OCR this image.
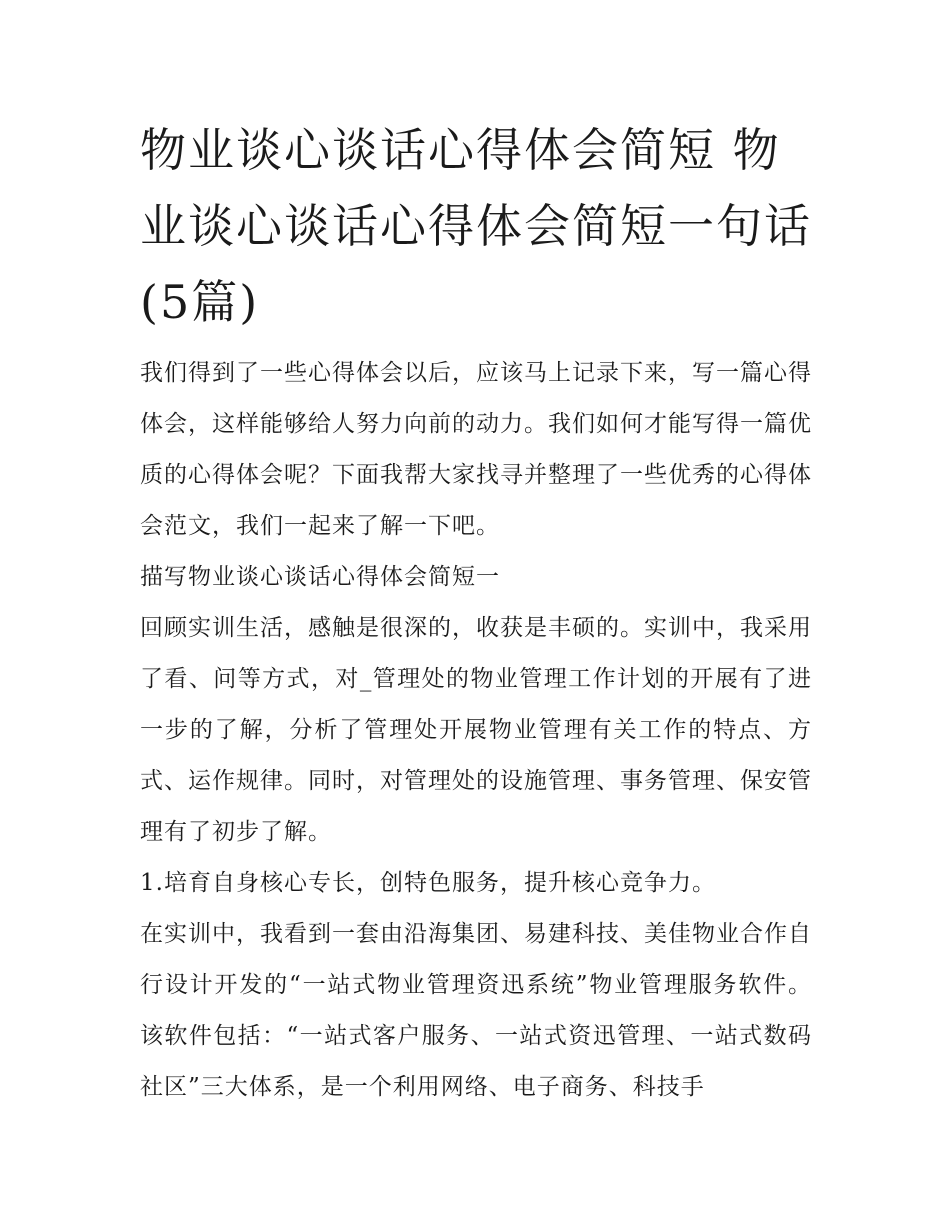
物业谈心谈话心得体会简短 物业谈心谈话心得体会简短一句话(5篇)

我们得到了一些心得体会以后，应该马上记录下来，写一篇心得体会，这样能够给人努力向前的动力。我们如何才能写得一篇优质的心得体会呢？下面我帮大家找寻并整理了一些优秀的心得体会范文，我们一起来了解一下吧。

描写物业谈心谈话心得体会简短一

回顾实训生活，感触是很深的，收获是丰硕的。实训中，我采用了看、问等方式，对_管理处的物业管理工作计划的开展有了进一步的了解，分析了管理处开展物业管理有关工作的特点、方式、运作规律。同时，对管理处的设施管理、事务管理、保安管理有了初步了解。

1.培育自身核心专长，创特色服务，提升核心竞争力。

在实训中，我看到一套由沿海集团、易建科技、美佳物业合作自行设计开发的“一站式物业管理资迅系统”物业管理服务软件。该软件包括：“一站式客户服务、一站式资迅管理、一站式数码社区”三大体系，是一个利用网络、电子商务、科技手
